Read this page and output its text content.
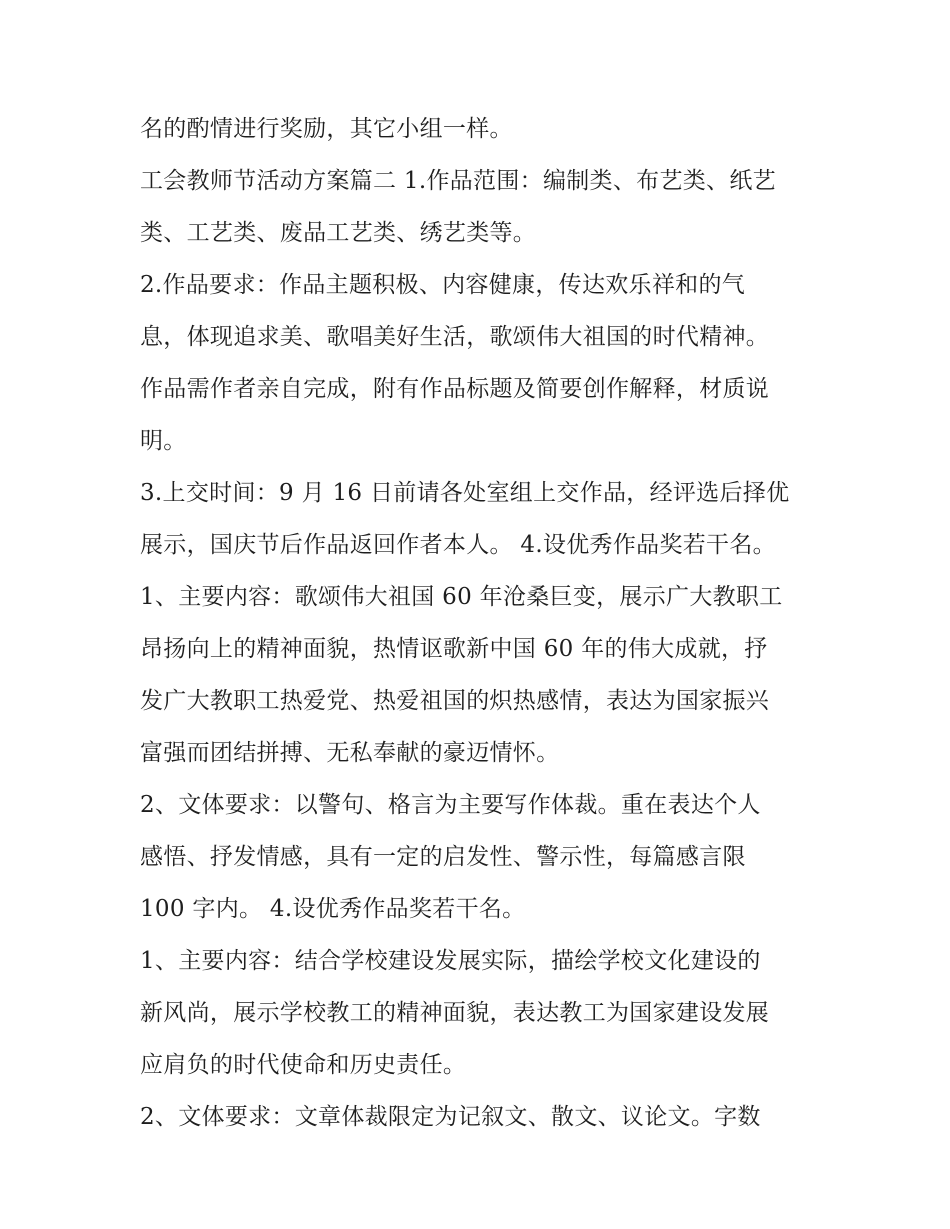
名的酌情进行奖励，其它小组一样。

工会教师节活动方案篇二 1.作品范围：编制类、布艺类、纸艺
类、工艺类、废品工艺类、绣艺类等。

2.作品要求：作品主题积极、内容健康，传达欢乐祥和的气
息，体现追求美、歌唱美好生活，歌颂伟大祖国的时代精神。
作品需作者亲自完成，附有作品标题及简要创作解释，材质说
明。

3.上交时间：9 月 16 日前请各处室组上交作品，经评选后择优
展示，国庆节后作品返回作者本人。 4.设优秀作品奖若干名。

1、主要内容：歌颂伟大祖国 60 年沧桑巨变，展示广大教职工
昂扬向上的精神面貌，热情讴歌新中国 60 年的伟大成就，抒
发广大教职工热爱党、热爱祖国的炽热感情，表达为国家振兴
富强而团结拼搏、无私奉献的豪迈情怀。

2、文体要求：以警句、格言为主要写作体裁。重在表达个人
感悟、抒发情感，具有一定的启发性、警示性，每篇感言限
100 字内。 4.设优秀作品奖若干名。

1、主要内容：结合学校建设发展实际，描绘学校文化建设的
新风尚，展示学校教工的精神面貌，表达教工为国家建设发展
应肩负的时代使命和历史责任。

2、文体要求：文章体裁限定为记叙文、散文、议论文。字数
